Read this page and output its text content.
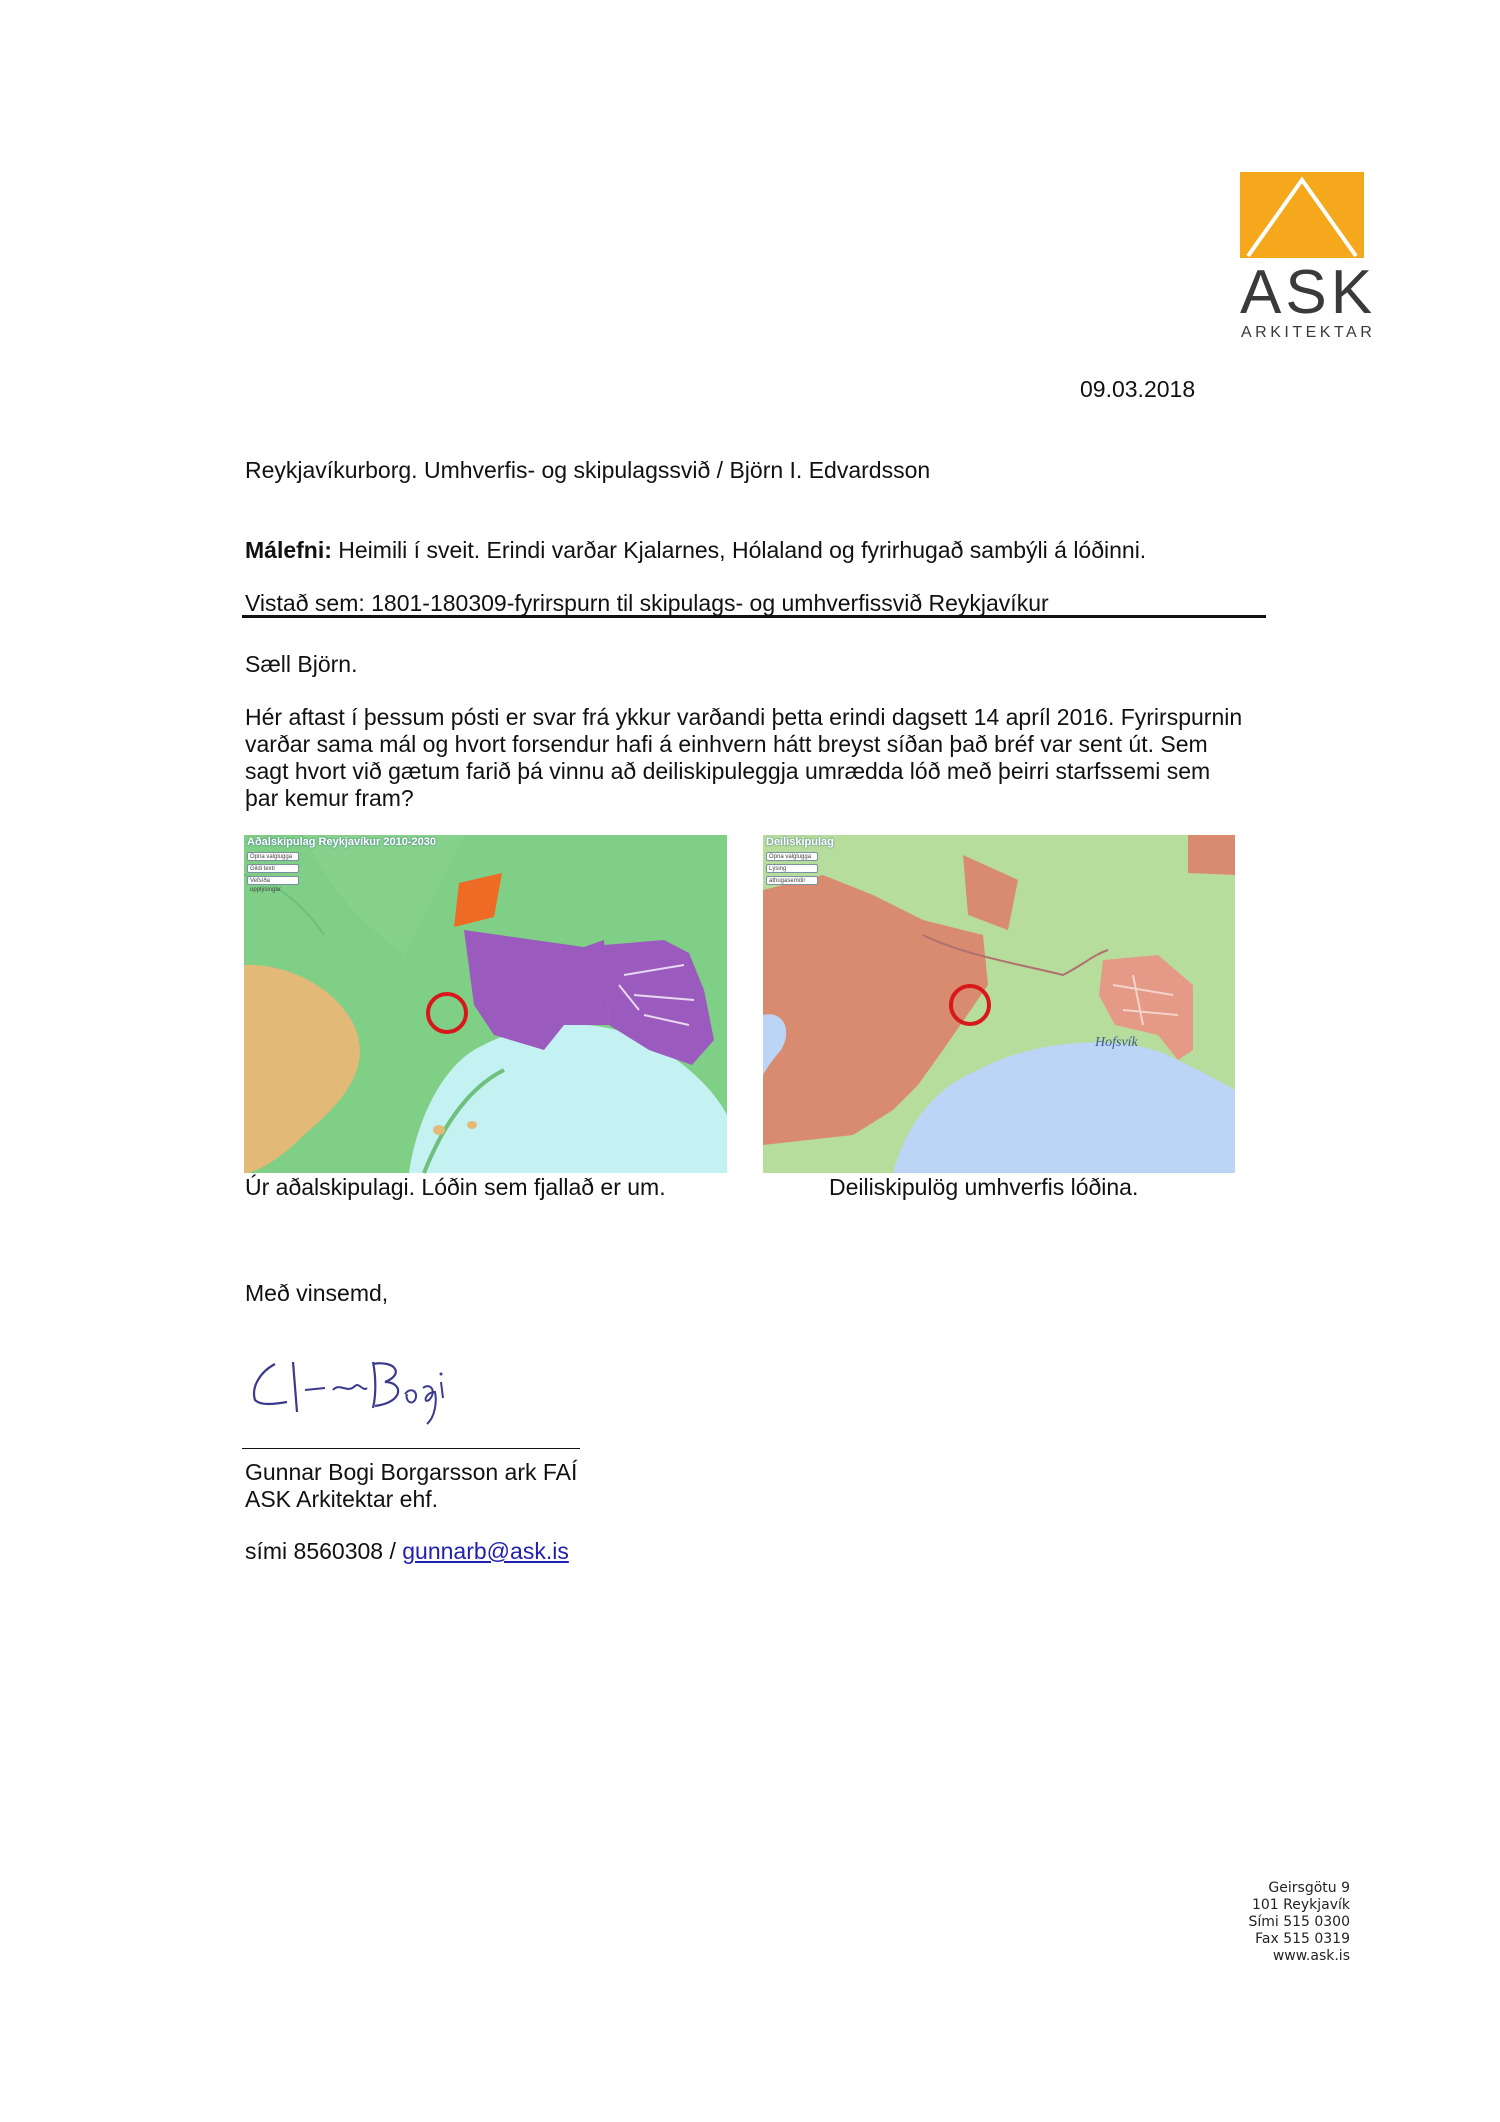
ASK
ARKITEKTAR
09.03.2018
Reykjavíkurborg. Umhverfis- og skipulagssvið / Björn I. Edvardsson
Málefni: Heimili í sveit. Erindi varðar Kjalarnes, Hólaland og fyrirhugað sambýli á lóðinni.
Vistað sem: 1801-180309-fyrirspurn til skipulags- og umhverfissvið Reykjavíkur
Sæll Björn.
Hér aftast í þessum pósti er svar frá ykkur varðandi þetta erindi dagsett 14 apríl 2016. Fyrirspurnin
varðar sama mál og hvort forsendur hafi á einhvern hátt breyst síðan það bréf var sent út. Sem
sagt hvort við gætum farið þá vinnu að deiliskipuleggja umrædda lóð með þeirri starfssemi sem
þar kemur fram?
Aðalskipulag Reykjavíkur 2010-2030
Opna valglugga
Gildi texti
Vefsíða upplýsingar
Úr aðalskipulagi. Lóðin sem fjallað er um.
Deiliskipulag
Opna valglugga
Lýsing
athugasemdir
Hofsvík
Deiliskipulög umhverfis lóðina.
Með vinsemd,
Gunnar Bogi Borgarsson ark FAÍ
ASK Arkitektar ehf.
sími 8560308 / gunnarb@ask.is
Geirsgötu 9
101 Reykjavík
Sími 515 0300
Fax 515 0319
www.ask.is
